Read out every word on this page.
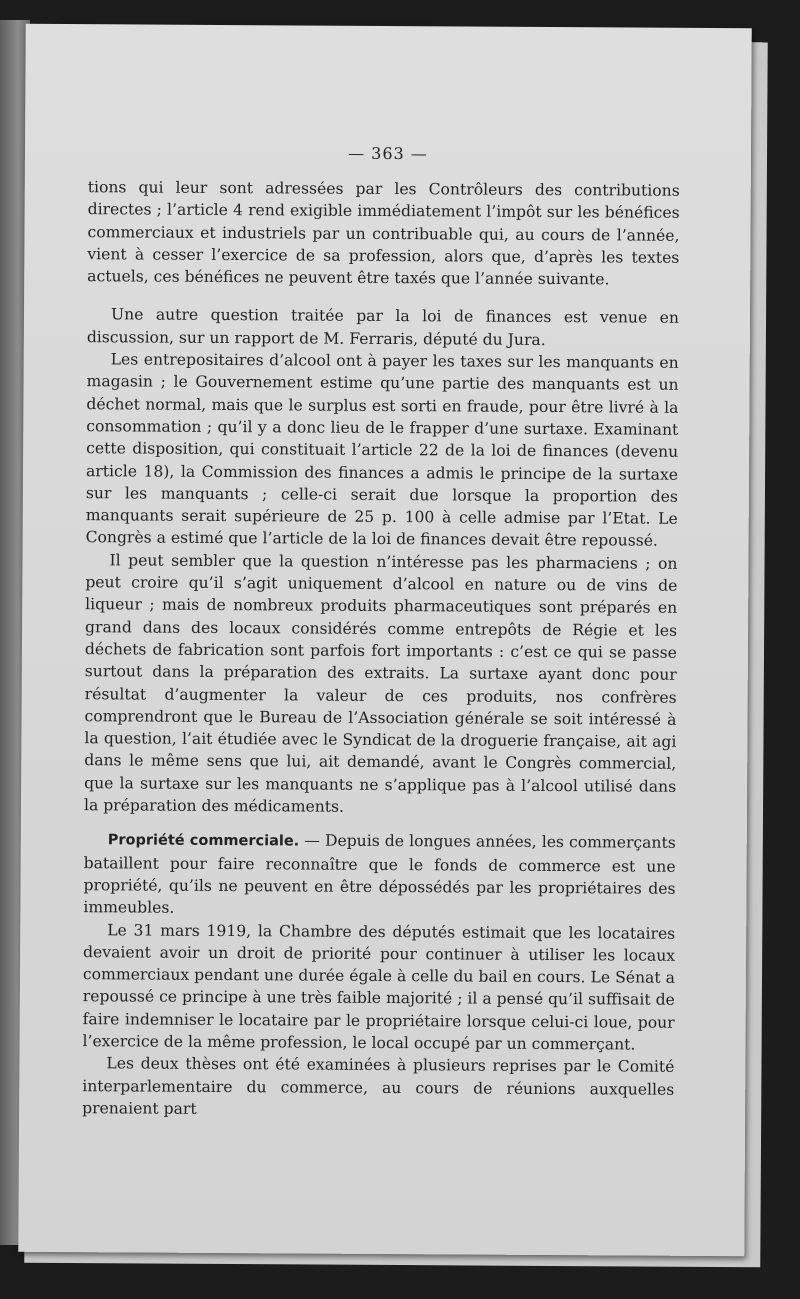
— 363 —

tions qui leur sont adressées par les Contrôleurs des contributions directes ; l’article 4 rend exigible immédiatement l’impôt sur les bénéfices commerciaux et industriels par un contribuable qui, au cours de l’année, vient à cesser l’exercice de sa profession, alors que, d’après les textes actuels, ces bénéfices ne peuvent être taxés que l’année suivante.

Une autre question traitée par la loi de finances est venue en discussion, sur un rapport de M. Ferraris, député du Jura.

Les entrepositaires d’alcool ont à payer les taxes sur les manquants en magasin ; le Gouvernement estime qu’une partie des manquants est un déchet normal, mais que le surplus est sorti en fraude, pour être livré à la consommation ; qu’il y a donc lieu de le frapper d’une surtaxe. Examinant cette disposition, qui constituait l’article 22 de la loi de finances (devenu article 18), la Commission des finances a admis le principe de la surtaxe sur les manquants ; celle-ci serait due lorsque la proportion des manquants serait supérieure de 25 p. 100 à celle admise par l’Etat. Le Congrès a estimé que l’article de la loi de finances devait être repoussé.

Il peut sembler que la question n’intéresse pas les pharmaciens ; on peut croire qu’il s’agit uniquement d’alcool en nature ou de vins de liqueur ; mais de nombreux produits pharmaceutiques sont préparés en grand dans des locaux considérés comme entrepôts de Régie et les déchets de fabrication sont parfois fort importants : c’est ce qui se passe surtout dans la préparation des extraits. La surtaxe ayant donc pour résultat d’augmenter la valeur de ces produits, nos confrères comprendront que le Bureau de l’Association générale se soit intéressé à la question, l’ait étudiée avec le Syndicat de la droguerie française, ait agi dans le même sens que lui, ait demandé, avant le Congrès commercial, que la surtaxe sur les manquants ne s’applique pas à l’alcool utilisé dans la préparation des médicaments.

Propriété commerciale. — Depuis de longues années, les commerçants bataillent pour faire reconnaître que le fonds de commerce est une propriété, qu’ils ne peuvent en être dépossédés par les propriétaires des immeubles.

Le 31 mars 1919, la Chambre des députés estimait que les locataires devaient avoir un droit de priorité pour continuer à utiliser les locaux commerciaux pendant une durée égale à celle du bail en cours. Le Sénat a repoussé ce principe à une très faible majorité ; il a pensé qu’il suffisait de faire indemniser le locataire par le propriétaire lorsque celui-ci loue, pour l’exercice de la même profession, le local occupé par un commerçant.

Les deux thèses ont été examinées à plusieurs reprises par le Comité interparlementaire du commerce, au cours de réunions auxquelles prenaient part
